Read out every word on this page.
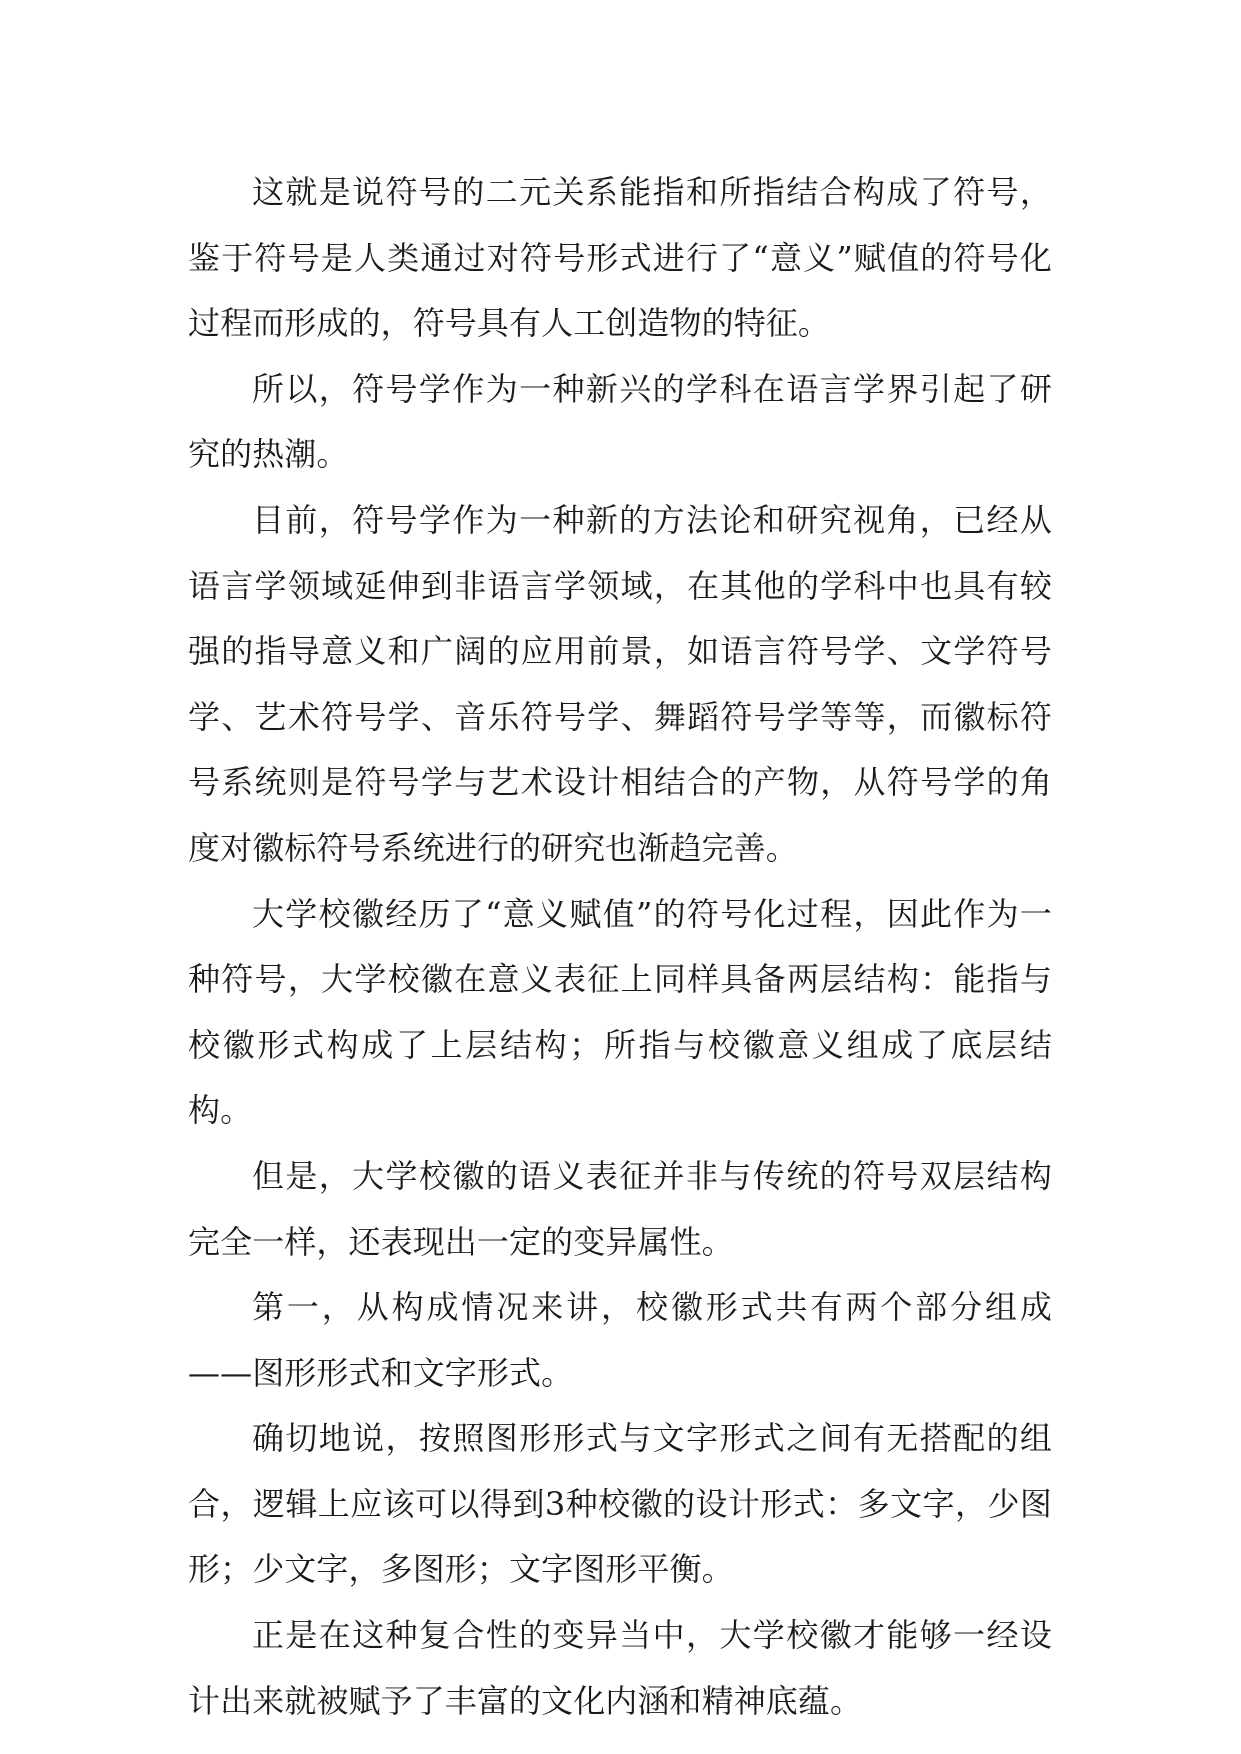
这就是说符号的二元关系能指和所指结合构成了符号，鉴于符号是人类通过对符号形式进行了“意义”赋值的符号化过程而形成的，符号具有人工创造物的特征。

所以，符号学作为一种新兴的学科在语言学界引起了研究的热潮。

目前，符号学作为一种新的方法论和研究视角，已经从语言学领域延伸到非语言学领域，在其他的学科中也具有较强的指导意义和广阔的应用前景，如语言符号学、文学符号学、艺术符号学、音乐符号学、舞蹈符号学等等，而徽标符号系统则是符号学与艺术设计相结合的产物，从符号学的角度对徽标符号系统进行的研究也渐趋完善。

大学校徽经历了“意义赋值”的符号化过程，因此作为一种符号，大学校徽在意义表征上同样具备两层结构：能指与校徽形式构成了上层结构；所指与校徽意义组成了底层结构。

但是，大学校徽的语义表征并非与传统的符号双层结构完全一样，还表现出一定的变异属性。

第一，从构成情况来讲，校徽形式共有两个部分组成——图形形式和文字形式。

确切地说，按照图形形式与文字形式之间有无搭配的组合，逻辑上应该可以得到3种校徽的设计形式：多文字，少图形；少文字，多图形；文字图形平衡。

正是在这种复合性的变异当中，大学校徽才能够一经设计出来就被赋予了丰富的文化内涵和精神底蕴。
